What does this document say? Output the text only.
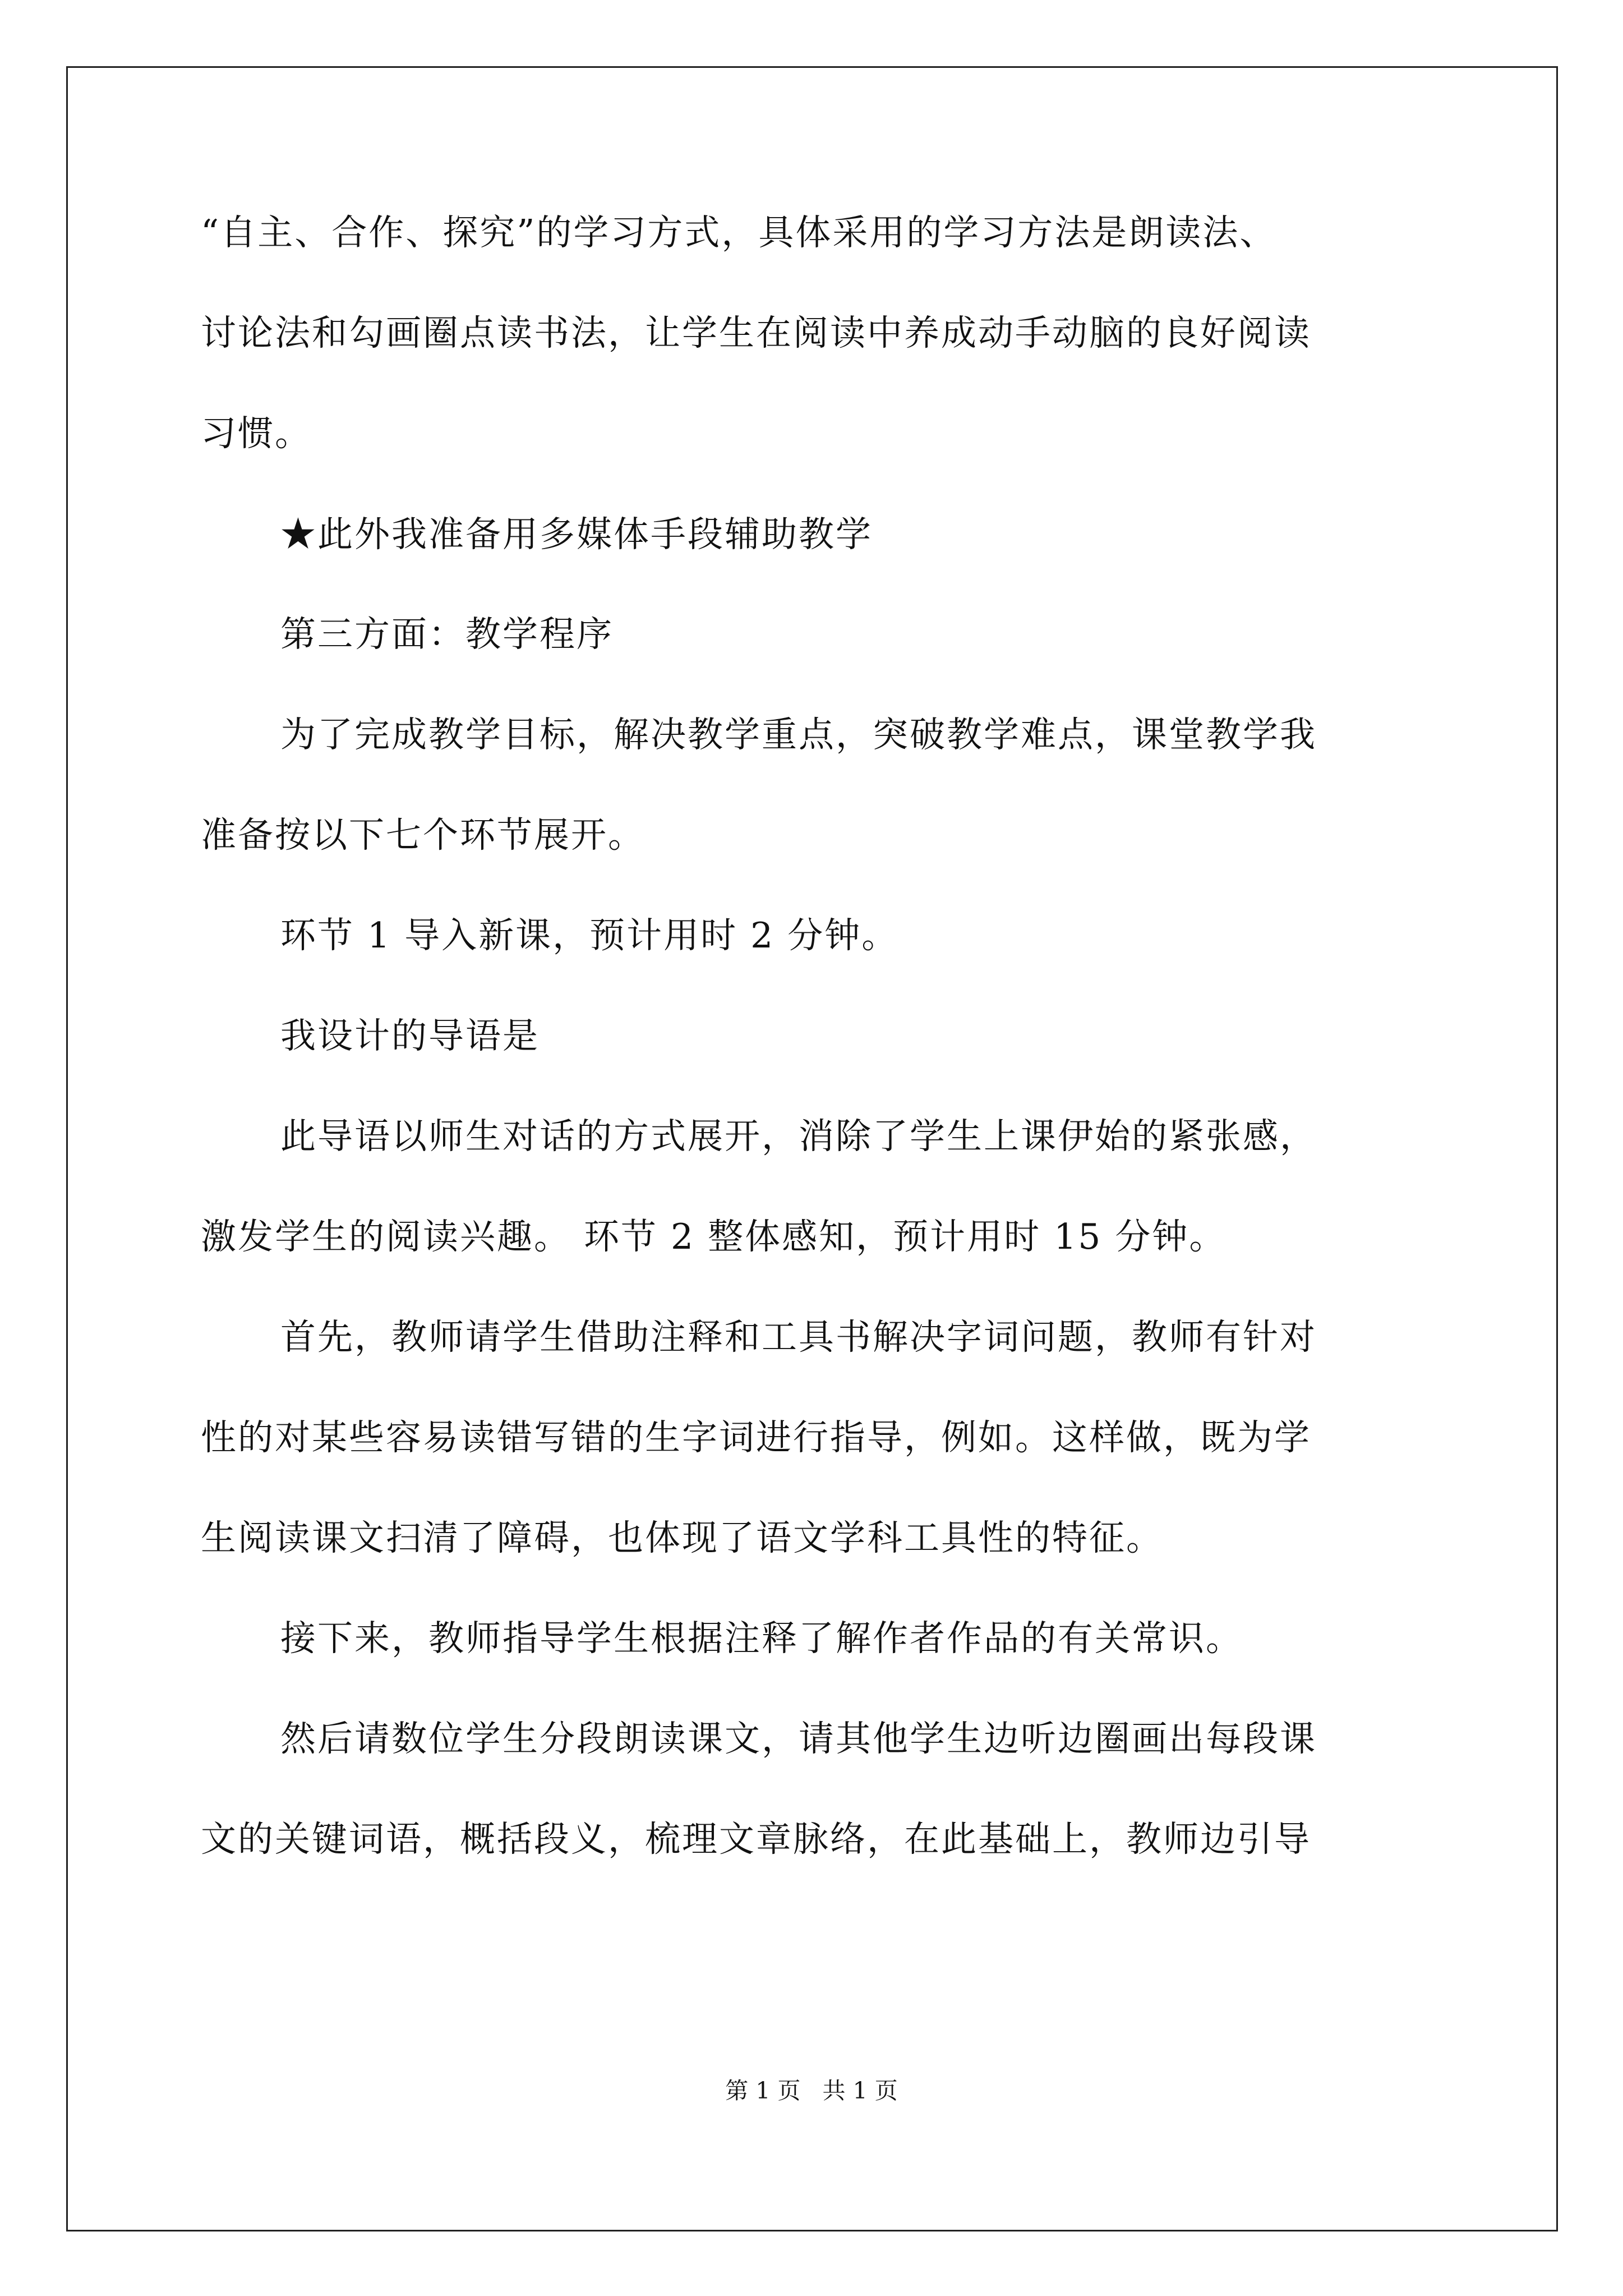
“自主、合作、探究”的学习方式，具体采用的学习方法是朗读法、
讨论法和勾画圈点读书法，让学生在阅读中养成动手动脑的良好阅读
习惯。
★此外我准备用多媒体手段辅助教学
第三方面：教学程序
为了完成教学目标，解决教学重点，突破教学难点，课堂教学我
准备按以下七个环节展开。
环节 1 导入新课，预计用时 2 分钟。
我设计的导语是
此导语以师生对话的方式展开，消除了学生上课伊始的紧张感，
激发学生的阅读兴趣。 环节 2 整体感知，预计用时 15 分钟。
首先，教师请学生借助注释和工具书解决字词问题，教师有针对
性的对某些容易读错写错的生字词进行指导，例如。这样做，既为学
生阅读课文扫清了障碍，也体现了语文学科工具性的特征。
接下来，教师指导学生根据注释了解作者作品的有关常识。
然后请数位学生分段朗读课文，请其他学生边听边圈画出每段课
文的关键词语，概括段义，梳理文章脉络，在此基础上，教师边引导
第 1 页   共 1 页
